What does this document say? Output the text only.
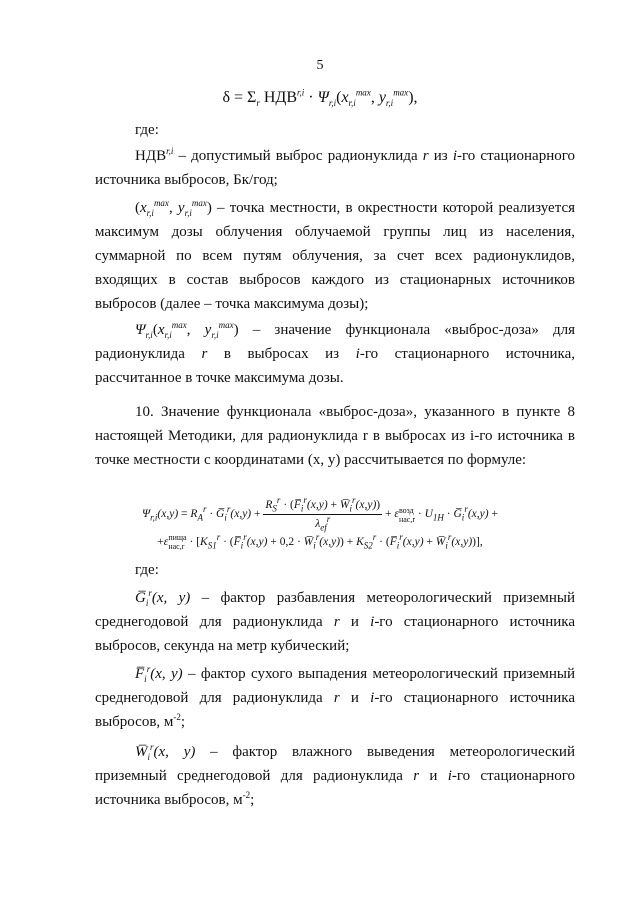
5
$\delta = \Sigma_r$ $НДВ^{r,i} \cdot \Psi_{r,i}(x_{r,i}^{max}$, $y_{r,i}^{max}$),
где:
НДВ$^{r,i}$ – допустимый выброс радионуклида r из i-го стационарного источника выбросов, Бк/год;
($x_{r,i}^{max}$, $y_{r,i}^{max}$) – точка местности, в окрестности которой реализуется максимум дозы облучения облучаемой группы лиц из населения, суммарной по всем путям облучения, за счет всех радионуклидов, входящих в состав выбросов каждого из стационарных источников выбросов (далее – точка максимума дозы);
$\Psi_{r,i}(x_{r,i}^{max}$, $y_{r,i}^{max}$) – значение функционала «выброс-доза» для радионуклида r в выбросах из i-го стационарного источника, рассчитанное в точке максимума дозы.
10. Значение функционала «выброс-доза», указанного в пункте 8 настоящей Методики, для радионуклида r в выбросах из i-го источника в точке местности с координатами (x, y) рассчитывается по формуле:
$\Psi_{r,i}(x,y) = R_A^r$ · $G̅_i^r(x,y) + \frac{R_S^r \cdot (F̅_i^r(x,y) + W̅_i^r(x,y))}{\lambda_{ef}^r}$ + εвозд
$нас,r \cdot U_{1H}$ · $G̅_i^r(x,y)$ +
+εпища
$нас,r \cdot [K_{S1}^r$ · ($F̅_i^r(x,y) + 0,2$ · $W̅_i^r(x,y)) + K_{S2}^r$ · ($F̅_i^r(x,y)$ + $W̅_i^r(x,y)$)],
где:
$G̅_i^r(x$, y) – фактор разбавления метеорологический приземный среднегодовой для радионуклида r и i-го стационарного источника выбросов, секунда на метр кубический;
$F̅_i^r(x$, y) – фактор сухого выпадения метеорологический приземный среднегодовой для радионуклида r и i-го стационарного источника выбросов, $м^{-2}$;
$W̅_i^r(x$, y) – фактор влажного выведения метеорологический приземный среднегодовой для радионуклида r и i-го стационарного источника выбросов, $м^{-2}$;
